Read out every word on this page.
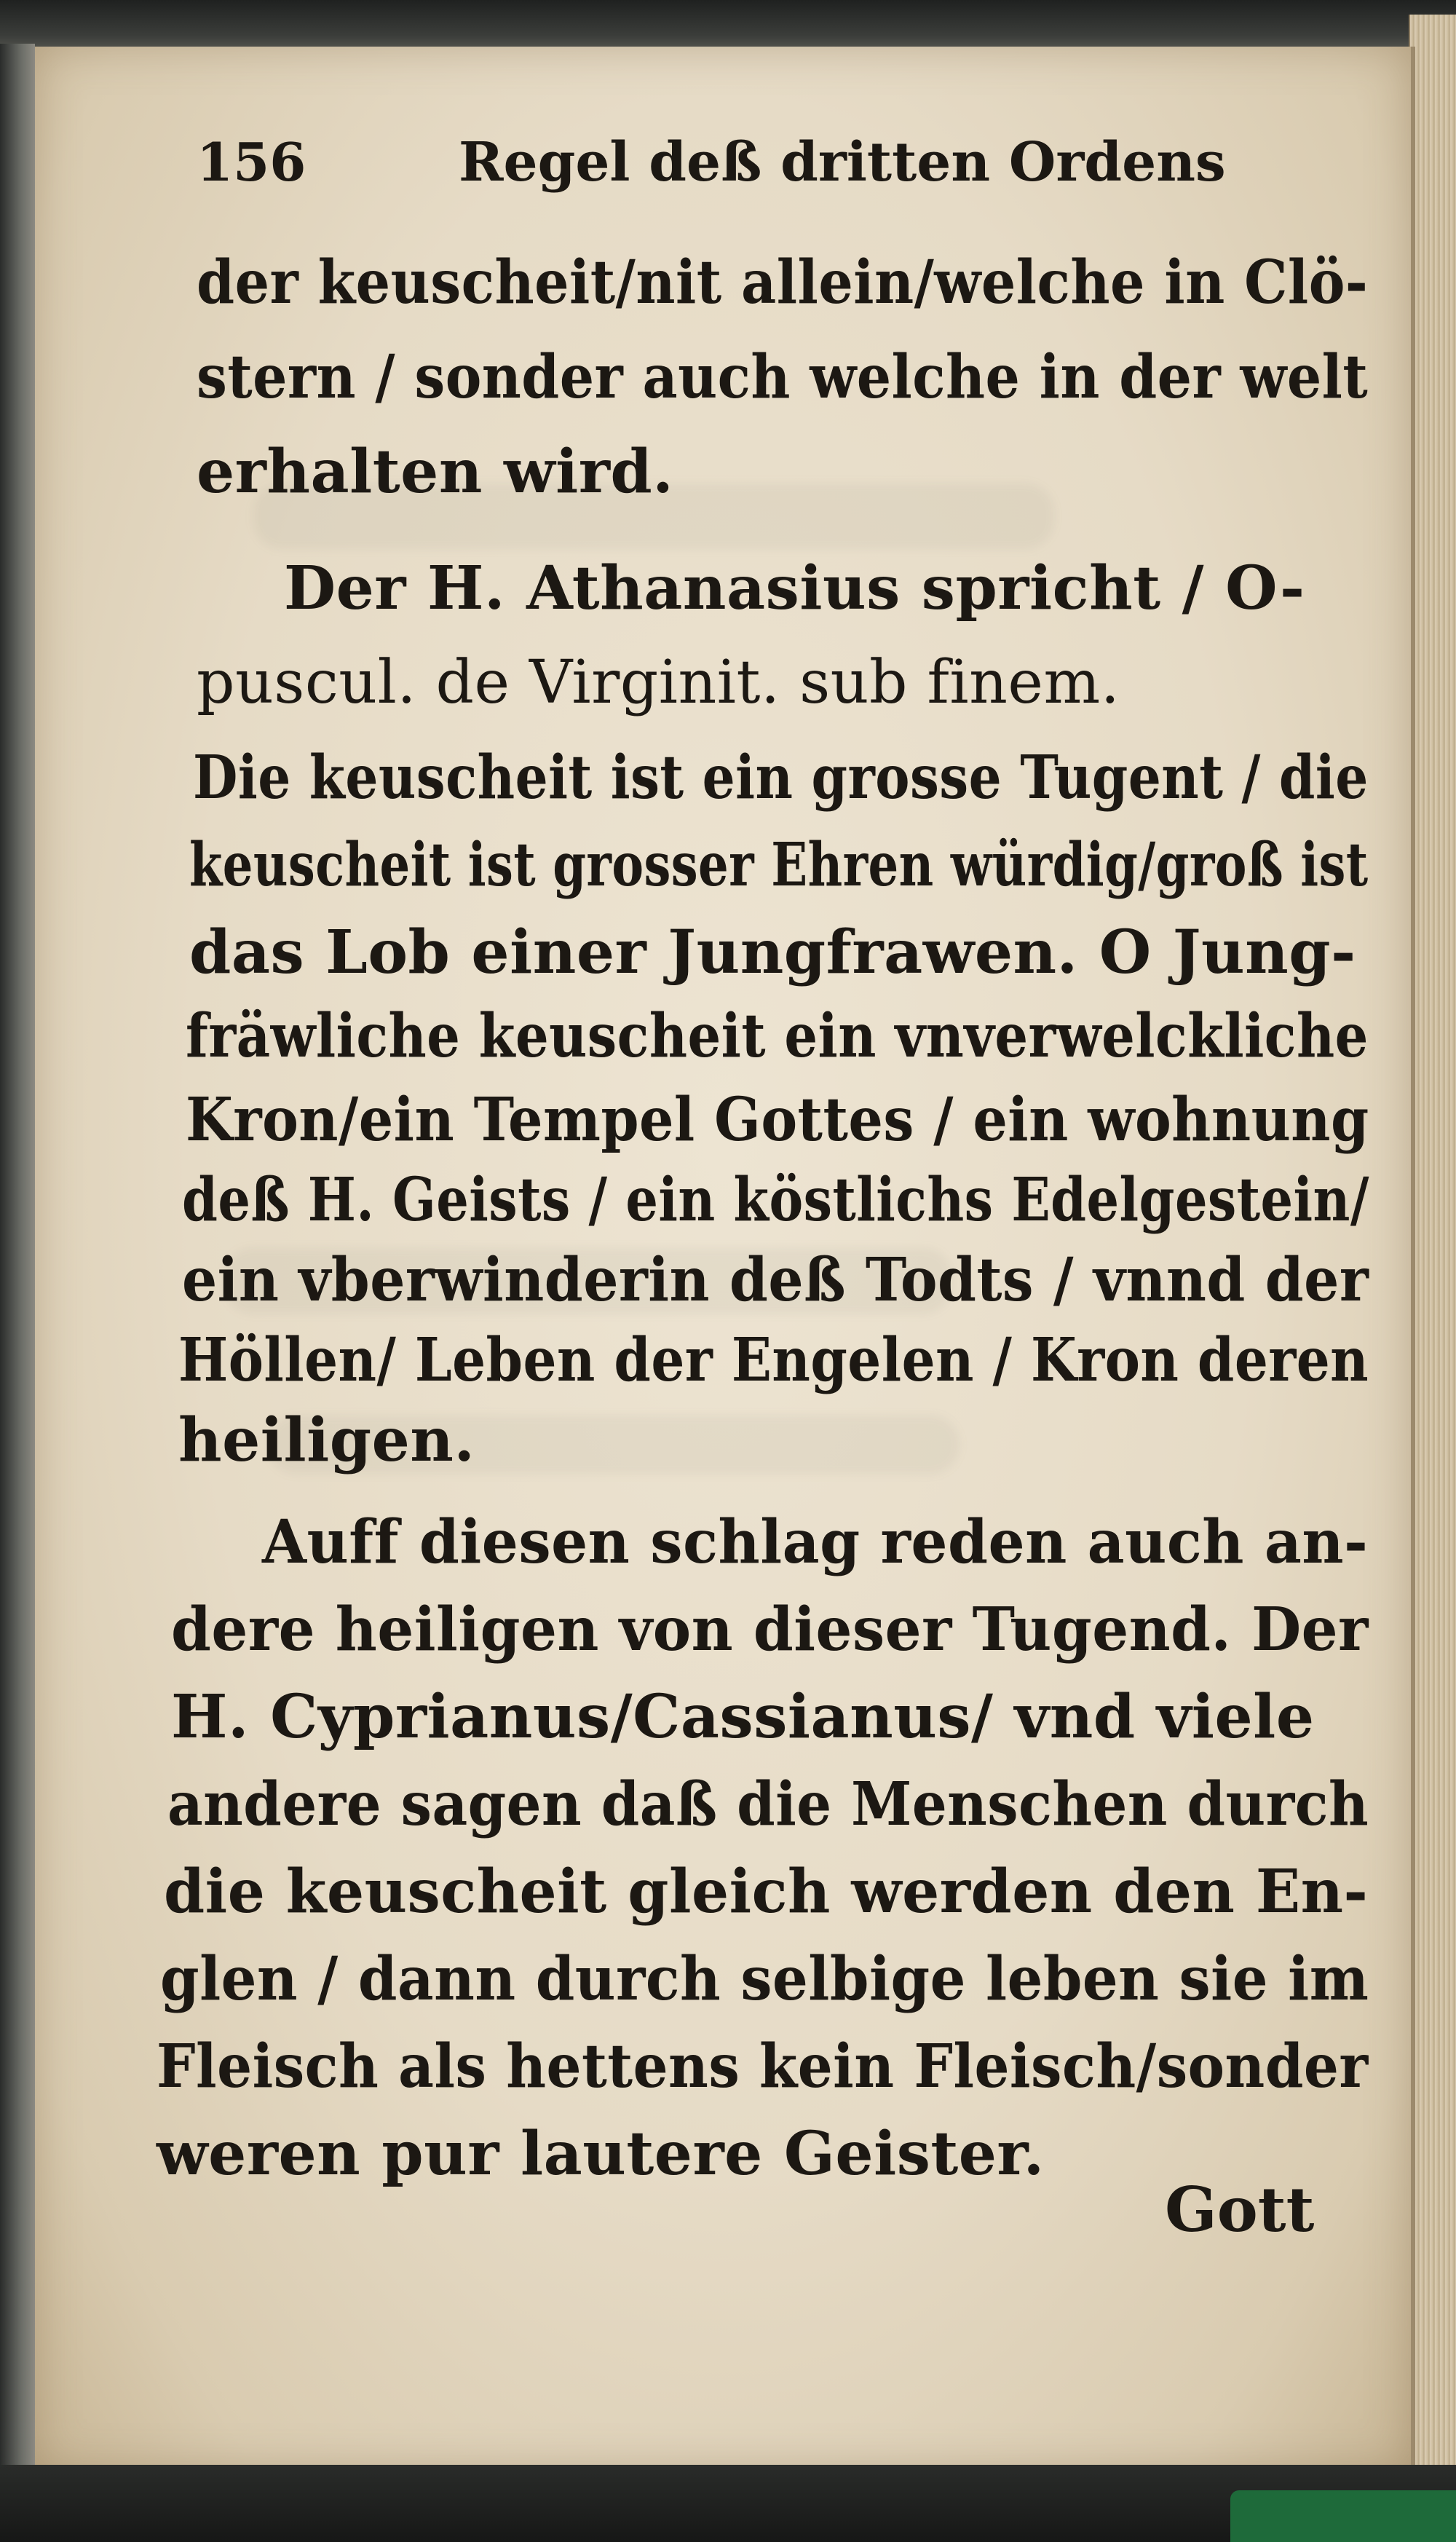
156	Regel deß dritten Ordens
der keuscheit/nit allein/welche in Clö-
stern / sonder auch welche in der welt
erhalten wird.
Der H. Athanasius spricht / O-
puscul. de Virginit. sub finem.
Die keuscheit ist ein grosse Tugent / die
keuscheit ist grosser Ehren würdig/groß ist
das Lob einer Jungfrawen. O Jung-
fräwliche keuscheit ein vnverwelckliche
Kron/ein Tempel Gottes / ein wohnung
deß H. Geists / ein köstlichs Edelgestein/
ein vberwinderin deß Todts / vnnd der
Höllen/ Leben der Engelen / Kron deren
heiligen.
Auff diesen schlag reden auch an-
dere heiligen von dieser Tugend. Der
H. Cyprianus/Cassianus/ vnd viele
andere sagen daß die Menschen durch
die keuscheit gleich werden den En-
glen / dann durch selbige leben sie im
Fleisch als hettens kein Fleisch/sonder
weren pur lautere Geister.
Gott
